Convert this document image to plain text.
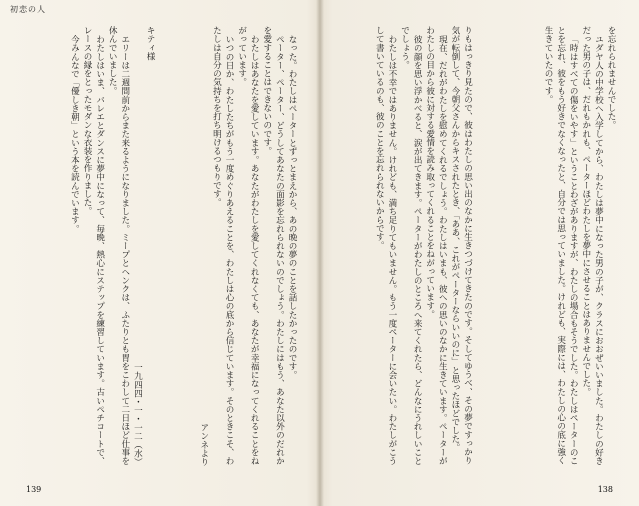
初恋の人

なった。わたしはペーターとずっとまえから、あの晩の夢のことを話したかったのです。

ペーター、ペーター、どうしてあなたの面影を忘れられないのでしょう。わたしにはもう、あなた以外のだれかを愛することはできないのです。

わたしはあなたを愛しています。あなたがわたしを愛してくれなくても、あなたが幸福になってくれることをねがっています。

いつの日か、わたしたちがもう一度めぐりあえることを、わたしは心の底から信じています。そのときこそ、わたしは自分の気持ちを打ち明けるつもりです。

アンネより

キティ様

一九四四・一・一二（水）

エリーは二週間前からまた来るようになりました。ミープとヘンクは、ふたりとも胃をこわして二日ほど仕事を休んでいました。

わたしはいま、バレエとダンスに夢中になって、毎晩、熱心にステップを練習しています。古いペチコートで、レースの縁をとったモダンな衣装を作りました。

今みんなで「優しき朝」という本を読んでいます。

139

を忘れられませんでした。

ユダヤ人の中学校へ入学してから、わたしは夢中になった男の子が、クラスにおおぜいいました。わたしの好きだった男の子は、だれもかれも、ペーターほどわたしを夢中にさせることはありませんでした。

「時はすべての傷をいやす」ということわざがありますが、わたしの場合もそうでした。わたしはペーターのことを忘れ、彼をもう好きでなくなったと、自分では思っていました。けれども、実際には、わたしの心の底に強く生きていたのです。

りもはっきり見たので、彼はわたしの思い出のなかに生きつづけてきたのです。そしてゆうべ、その夢ですっかり気が転倒して、今朝父さんからキスされたとき、「ああ、これがペーターならいいのに」と思ったほどでした。

現在、だれがわたしを慰めてくれるでしょう。わたしはいまも、彼への思いのなかに生きています。ペーターがわたしの目から彼に対する愛情を読み取ってくれることをねがっています。

彼の顔を思い浮かべると、涙が出てきます。ペーターがわたしのところへ来てくれたら、どんなにうれしいことでしょう。

わたしは不幸ではありません。けれども、満ち足りてもいません。もう一度ペーターに会いたい。わたしがこうして書いているのも、彼のことを忘れられないからです。

138
